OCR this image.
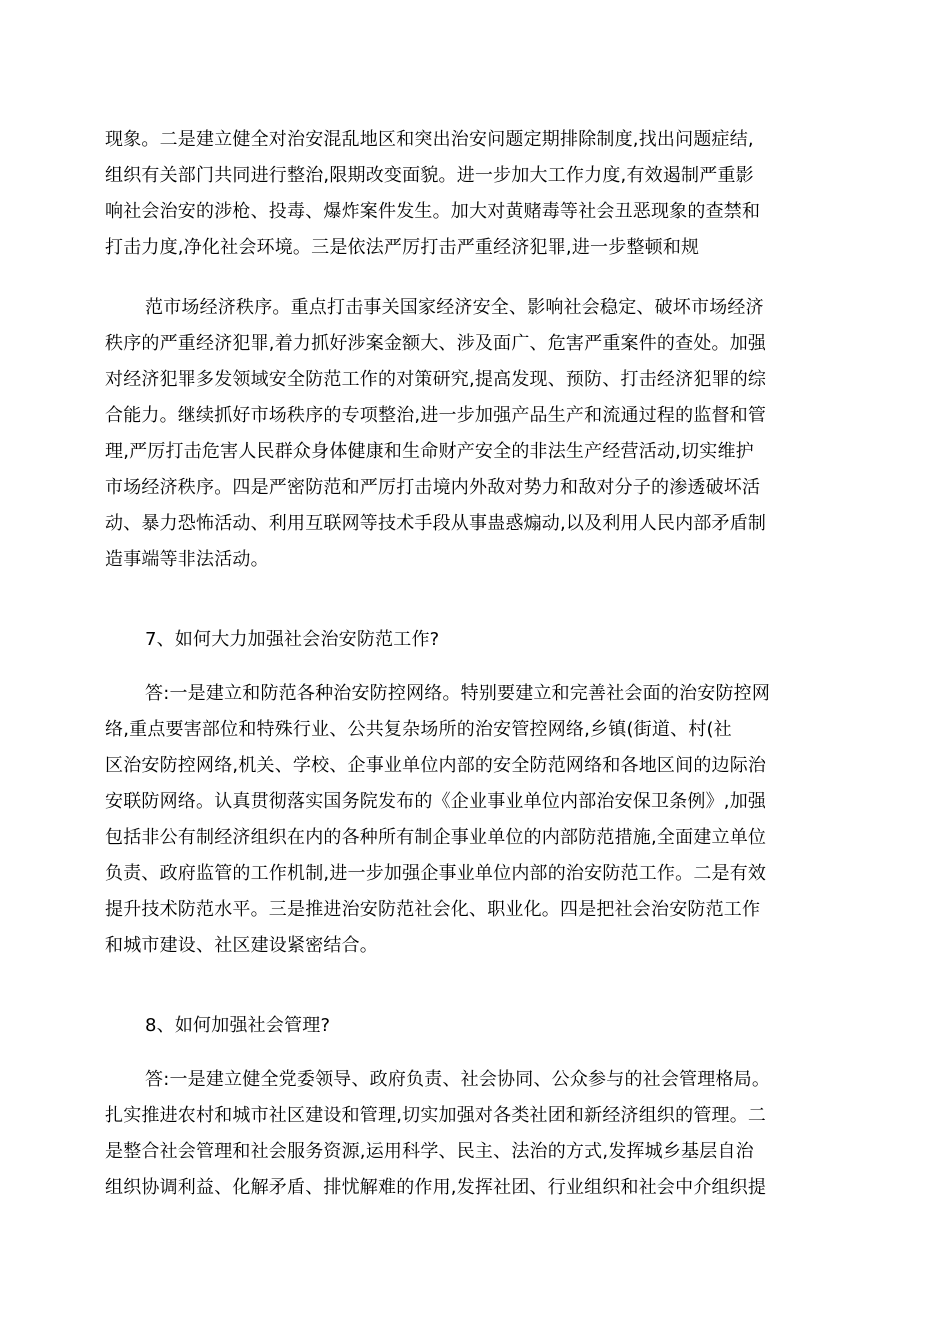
现象。二是建立健全对治安混乱地区和突出治安问题定期排除制度,找出问题症结,
组织有关部门共同进行整治,限期改变面貌。进一步加大工作力度,有效遏制严重影
响社会治安的涉枪、投毒、爆炸案件发生。加大对黄赌毒等社会丑恶现象的查禁和
打击力度,净化社会环境。三是依法严厉打击严重经济犯罪,进一步整顿和规
范市场经济秩序。重点打击事关国家经济安全、影响社会稳定、破坏市场经济
秩序的严重经济犯罪,着力抓好涉案金额大、涉及面广、危害严重案件的查处。加强
对经济犯罪多发领域安全防范工作的对策研究,提高发现、预防、打击经济犯罪的综
合能力。继续抓好市场秩序的专项整治,进一步加强产品生产和流通过程的监督和管
理,严厉打击危害人民群众身体健康和生命财产安全的非法生产经营活动,切实维护
市场经济秩序。四是严密防范和严厉打击境内外敌对势力和敌对分子的渗透破坏活
动、暴力恐怖活动、利用互联网等技术手段从事蛊惑煽动,以及利用人民内部矛盾制
造事端等非法活动。
7、如何大力加强社会治安防范工作?
答:一是建立和防范各种治安防控网络。特别要建立和完善社会面的治安防控网
络,重点要害部位和特殊行业、公共复杂场所的治安管控网络,乡镇(街道、村(社
区治安防控网络,机关、学校、企事业单位内部的安全防范网络和各地区间的边际治
安联防网络。认真贯彻落实国务院发布的《企业事业单位内部治安保卫条例》,加强
包括非公有制经济组织在内的各种所有制企事业单位的内部防范措施,全面建立单位
负责、政府监管的工作机制,进一步加强企事业单位内部的治安防范工作。二是有效
提升技术防范水平。三是推进治安防范社会化、职业化。四是把社会治安防范工作
和城市建设、社区建设紧密结合。
8、如何加强社会管理?
答:一是建立健全党委领导、政府负责、社会协同、公众参与的社会管理格局。
扎实推进农村和城市社区建设和管理,切实加强对各类社团和新经济组织的管理。二
是整合社会管理和社会服务资源,运用科学、民主、法治的方式,发挥城乡基层自治
组织协调利益、化解矛盾、排忧解难的作用,发挥社团、行业组织和社会中介组织提
